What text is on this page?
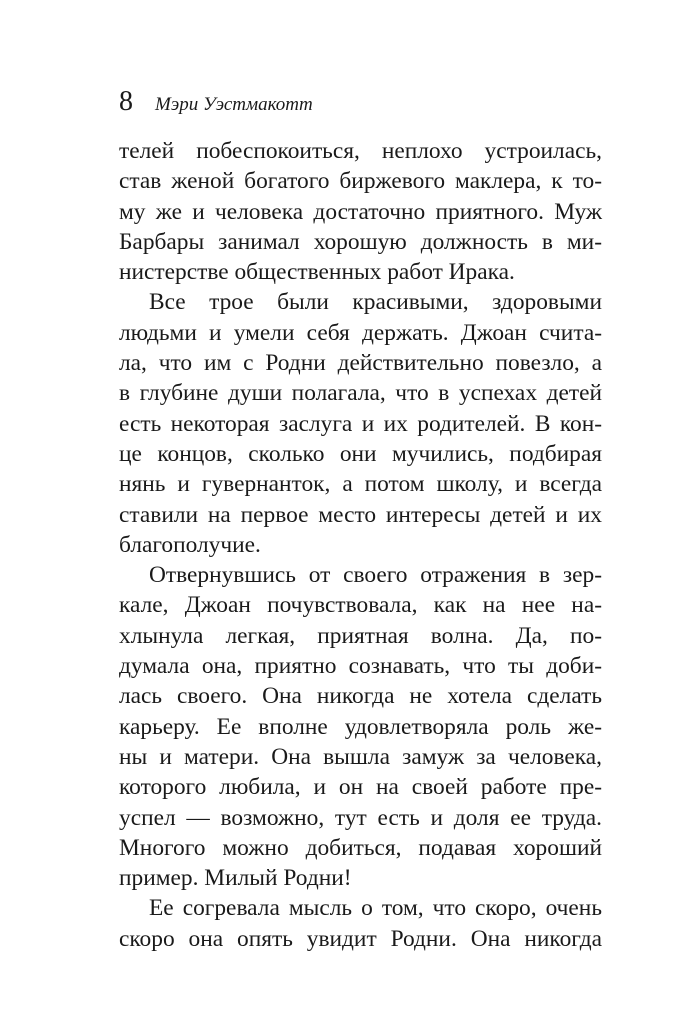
8 Мэри Уэстмакотт
телей побеспокоиться, неплохо устроилась,
став женой богатого биржевого маклера, к то-
му же и человека достаточно приятного. Муж
Барбары занимал хорошую должность в ми-
нистерстве общественных работ Ирака.
Все трое были красивыми, здоровыми
людьми и умели себя держать. Джоан счита-
ла, что им с Родни действительно повезло, а
в глубине души полагала, что в успехах детей
есть некоторая заслуга и их родителей. В кон-
це концов, сколько они мучились, подбирая
нянь и гувернанток, а потом школу, и всегда
ставили на первое место интересы детей и их
благополучие.
Отвернувшись от своего отражения в зер-
кале, Джоан почувствовала, как на нее на-
хлынула легкая, приятная волна. Да, по-
думала она, приятно сознавать, что ты доби-
лась своего. Она никогда не хотела сделать
карьеру. Ее вполне удовлетворяла роль же-
ны и матери. Она вышла замуж за человека,
которого любила, и он на своей работе пре-
успел — возможно, тут есть и доля ее труда.
Многого можно добиться, подавая хороший
пример. Милый Родни!
Ее согревала мысль о том, что скоро, очень
скоро она опять увидит Родни. Она никогда
